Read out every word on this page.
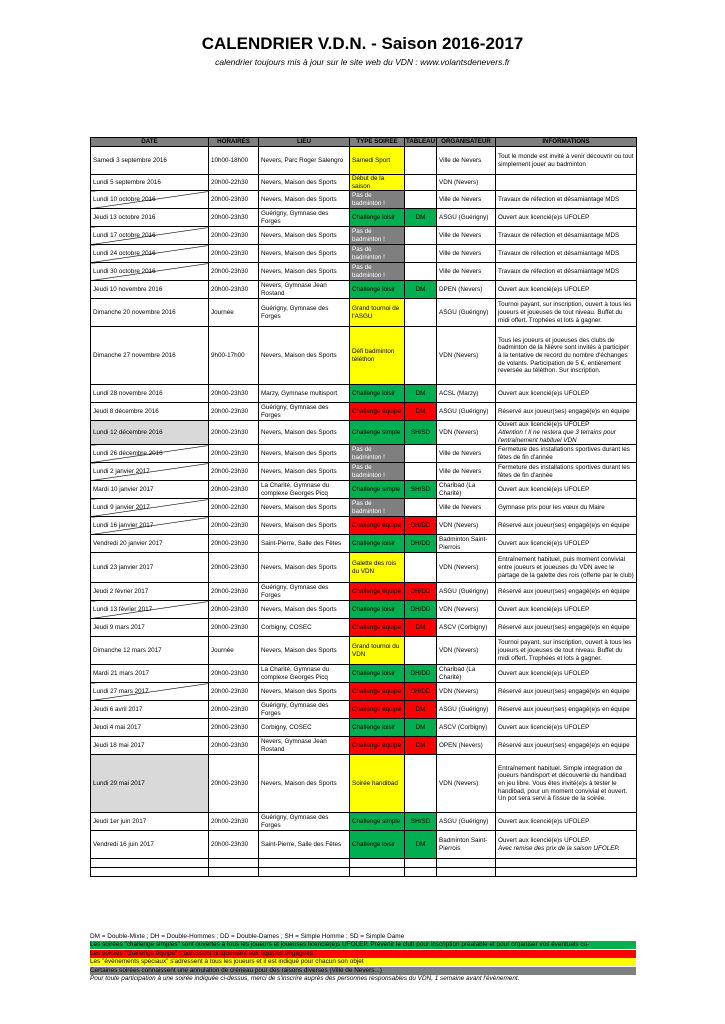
CALENDRIER V.D.N. - Saison 2016-2017
calendrier toujours mis à jour sur le site web du VDN : www.volantsdenevers.fr
DATE	HORAIRES	LIEU	TYPE SOIREE	TABLEAU	ORGANISATEUR	INFORMATIONS
Samedi 3 septembre 2016	10h00-18h00	Nevers, Parc Roger Salengro	Samedi Sport		Ville de Nevers	Tout le monde est invité à venir découvrir ou tout simplement jouer au badminton
Lundi 5 septembre 2016	20h00-22h30	Nevers, Maison des Sports	Début de la saison		VDN (Nevers)	
Lundi 10 octobre 2016	20h00-23h30	Nevers, Maison des Sports	Pas de badminton !		Ville de Nevers	Travaux de réfection et désamiantage MDS
Jeudi 13 octobre 2016	20h00-23h30	Guérigny, Gymnase des Forges	Challenge loisir	DM	ASGU (Guérigny)	Ouvert aux licencié(e)s UFOLEP
Lundi 17 octobre 2016	20h00-23h30	Nevers, Maison des Sports	Pas de badminton !		Ville de Nevers	Travaux de réfection et désamiantage MDS
Lundi 24 octobre 2016	20h00-23h30	Nevers, Maison des Sports	Pas de badminton !		Ville de Nevers	Travaux de réfection et désamiantage MDS
Lundi 30 octobre 2016	20h00-23h30	Nevers, Maison des Sports	Pas de badminton !		Ville de Nevers	Travaux de réfection et désamiantage MDS
Jeudi 10 novembre 2016	20h00-23h30	Nevers, Gymnase Jean Rostand	Challenge loisir	DM	DPEN (Nevers)	Ouvert aux licencié(e)s UFOLEP
Dimanche 20 novembre 2016	Journée	Guérigny, Gymnase des Forges	Grand tournoi de l'ASGU		ASGU (Guérigny)	Tournoi payant, sur inscription, ouvert à tous les joueurs et joueuses de tout niveau. Buffet du midi offert. Trophées et lots à gagner.
Dimanche 27 novembre 2016	9h00-17h00	Nevers, Maison des Sports	Défi badminton téléthon		VDN (Nevers)	Tous les joueurs et joueuses des clubs de badminton de la Nièvre sont invités à participer à la tentative de record du nombre d'échanges de volants. Participation de 5 €, entièrement reversée au téléthon. Sur inscription.
Lundi 28 novembre 2016	20h00-23h30	Marzy, Gymnase multisport	Challenge loisir	DM	ACSL (Marzy)	Ouvert aux licencié(e)s UFOLEP
Jeudi 8 décembre 2016	20h00-23h30	Guérigny, Gymnase des Forges	Challenge équipe	DM	ASGU (Guérigny)	Réservé aux joueur(ses) engagé(e)s en équipe
Lundi 12 décembre 2016	20h00-23h30	Nevers, Maison des Sports	Challenge simple	SH/SD	VDN (Nevers)	Ouvert aux licencié(e)s UFOLEP
Attention ! Il ne restera que 3 terrains pour l'entraînement habituel VDN

Lundi 26 décembre 2016	20h00-23h30	Nevers, Maison des Sports	Pas de badminton !		Ville de Nevers	Fermeture des installations sportives durant les fêtes de fin d'année
Lundi 2 janvier 2017	20h00-23h30	Nevers, Maison des Sports	Pas de badminton !		Ville de Nevers	Fermeture des installations sportives durant les fêtes de fin d'année
Mardi 10 janvier 2017	20h00-23h30	La Charité, Gymnase du complexe Georges Picq	Challenge simple	SH/SD	Charibad (La Charité)	Ouvert aux licencié(e)s UFOLEP
Lundi 9 janvier 2017	20h00-22h30	Nevers, Maison des Sports	Pas de badminton !		Ville de Nevers	Gymnase pris pour les vœux du Maire
Lundi 16 janvier 2017	20h00-23h30	Nevers, Maison des Sports	Challenge équipe	DH/DD	VDN (Nevers)	Réservé aux joueur(ses) engagé(e)s en équipe
Vendredi 20 janvier 2017	20h00-23h30	Saint-Pierre, Salle des Fêtes	Challenge loisir	DH/DD	Badminton Saint-Pierrois	Ouvert aux licencié(e)s UFOLEP
Lundi 23 janvier 2017	20h00-23h30	Nevers, Maison des Sports	Galette des rois du VDN		VDN (Nevers)	Entraînement habituel, puis moment convivial entre joueurs et joueuses du VDN avec le partage de la galette des rois (offerte par le club)
Jeudi 2 février 2017	20h00-23h30	Guérigny, Gymnase des Forges	Challenge équipe	DH/DD	ASGU (Guérigny)	Réservé aux joueur(ses) engagé(e)s en équipe
Lundi 13 février 2017	20h00-23h30	Nevers, Maison des Sports	Challenge loisir	DH/DD	VDN (Nevers)	Ouvert aux licencié(e)s UFOLEP
Jeudi 9 mars 2017	20h00-23h30	Corbigny, COSEC	Challenge équipe	DM	ASCV (Corbigny)	Réservé aux joueur(ses) engagé(e)s en équipe
Dimanche 12 mars 2017	Journée	Nevers, Maison des Sports	Grand tournoi du VDN		VDN (Nevers)	Tournoi payant, sur inscription, ouvert à tous les joueurs et joueuses de tout niveau. Buffet du midi offert. Trophées et lots à gagner.
Mardi 21 mars 2017	20h00-23h30	La Charité, Gymnase du complexe Georges Picq	Challenge loisir	DH/DD	Charibad (La Charité)	Ouvert aux licencié(e)s UFOLEP
Lundi 27 mars 2017	20h00-23h30	Nevers, Maison des Sports	Challenge équipe	DH/DD	VDN (Nevers)	Réservé aux joueur(ses) engagé(e)s en équipe
Jeudi 6 avril 2017	20h00-23h30	Guérigny, Gymnase des Forges	Challenge équipe	DM	ASGU (Guérigny)	Réservé aux joueur(ses) engagé(e)s en équipe
Jeudi 4 mai 2017	20h00-23h30	Corbigny, COSEC	Challenge loisir	DM	ASCV (Corbigny)	Ouvert aux licencié(e)s UFOLEP
Jeudi 18 mai 2017	20h00-23h30	Nevers, Gymnase Jean Rostand	Challenge équipe	DM	OPEN (Nevers)	Réservé aux joueur(ses) engagé(e)s en équipe
Lundi 29 mai 2017	20h00-23h30	Nevers, Maison des Sports	Soirée handibad		VDN (Nevers)	Entraînement habituel. Simple intégration de joueurs handisport et découverte du handibad en jeu libre. Vous êtes invité(e)s à tester le handibad, pour un moment convivial et ouvert. Un pot sera servi à l'issue de la soirée.
Jeudi 1er juin 2017	20h00-23h30	Guérigny, Gymnase des Forges	Challenge simple	SH/SD	ASGU (Guérigny)	Ouvert aux licencié(e)s UFOLEP
Vendredi 16 juin 2017	20h00-23h30	Saint-Pierre, Salle des Fêtes	Challenge loisir	DM	Badminton Saint-Pierrois	Ouvert aux licencié(e)s UFOLEP.
Avec remise des prix de la saison UFOLEP.

DM = Double-Mixte ; DH = Double-Hommes ; DD = Double-Dames ; SH = Simple Homme ; SD = Simple Dame
Les soirées "challenge simples" sont ouvertes à tous les joueurs et joueuses licencié(e)s UFOLEP. Prévenir le club pour inscription préalable et pour organiser vos éventuels co-
Les soirées "challenge équipe" s'adressent uniquement aux équipes engagées.
Les "évènements spéciaux" s'adressent à tous les joueurs et il est indiqué pour chacun son objet
Certaines soirées connaissent une annulation de créneau pour des raisons diverses (Ville de Nevers...)
Pour toute participation à une soirée indiquée ci-dessus, merci de s'inscrire auprès des personnes responsables du VDN, 1 semaine avant l'évènement.
